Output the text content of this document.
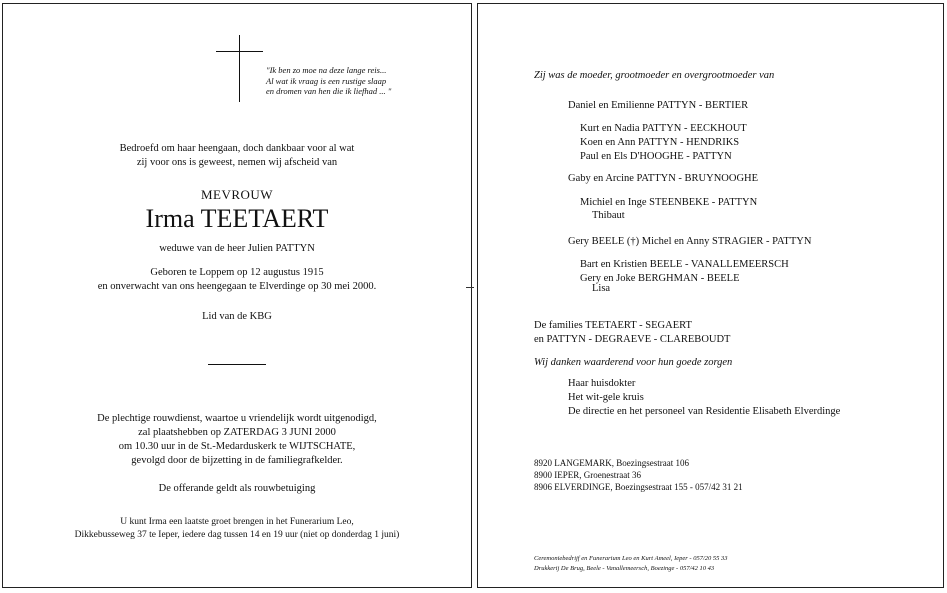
"Ik ben zo moe na deze lange reis...
Al wat ik vraag is een rustige slaap
en dromen van hen die ik liefhad ... "
Bedroefd om haar heengaan, doch dankbaar voor al wat
zij voor ons is geweest, nemen wij afscheid van
MEVROUW
Irma TEETAERT
weduwe van de heer Julien PATTYN
Geboren te Loppem op 12 augustus 1915
en onverwacht van ons heengegaan te Elverdinge op 30 mei 2000.
Lid van de KBG
De plechtige rouwdienst, waartoe u vriendelijk wordt uitgenodigd,
zal plaatshebben op ZATERDAG 3 JUNI 2000
om 10.30 uur in de St.-Medarduskerk te WIJTSCHATE,
gevolgd door de bijzetting in de familiegrafkelder.
De offerande geldt als rouwbetuiging
U kunt Irma een laatste groet brengen in het Funerarium Leo,
Dikkebusseweg 37 te Ieper, iedere dag tussen 14 en 19 uur (niet op donderdag 1 juni)
Zij was de moeder, grootmoeder en overgrootmoeder van
Daniel en Emilienne PATTYN - BERTIER
Kurt en Nadia PATTYN - EECKHOUT
Koen en Ann PATTYN - HENDRIKS
Paul en Els D'HOOGHE - PATTYN
Gaby en Arcine PATTYN - BRUYNOOGHE
Michiel en Inge STEENBEKE - PATTYN
Thibaut
Gery BEELE (†) Michel en Anny STRAGIER - PATTYN
Bart en Kristien BEELE - VANALLEMEERSCH
Gery en Joke BERGHMAN - BEELE
Lisa
De families TEETAERT - SEGAERT
en PATTYN - DEGRAEVE - CLAREBOUDT
Wij danken waarderend voor hun goede zorgen
Haar huisdokter
Het wit-gele kruis
De directie en het personeel van Residentie Elisabeth Elverdinge
8920 LANGEMARK, Boezingsestraat 106
8900 IEPER, Groenestraat 36
8906 ELVERDINGE, Boezingsestraat 155 - 057/42 31 21
Ceremoniebedrijf en Funerarium Leo en Kurt Ameel, Ieper - 057/20 55 33
Drukkerij De Brug, Beele - Vanallemeersch, Boezinge - 057/42 10 43
